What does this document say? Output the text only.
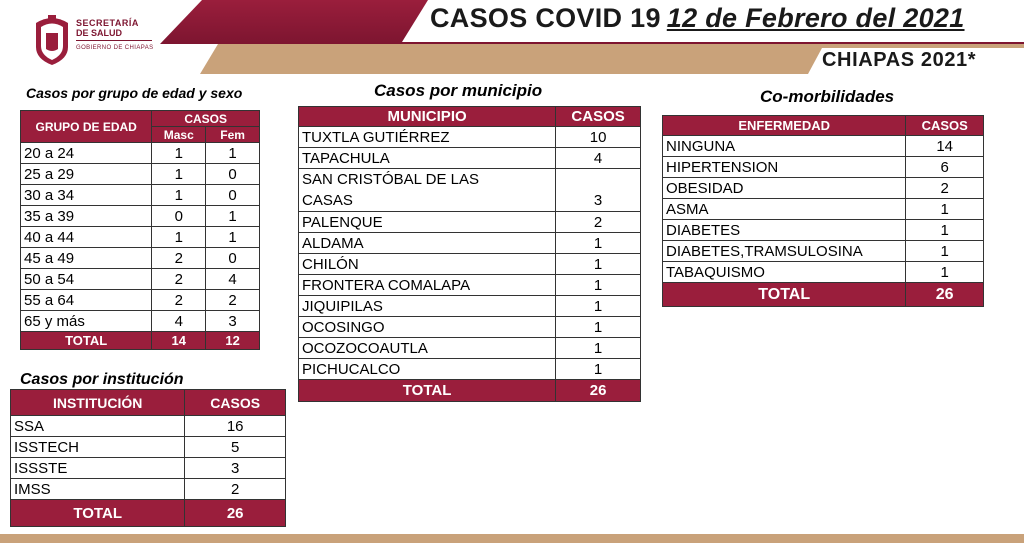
CASOS COVID 19 12 de Febrero del 2021
CHIAPAS 2021*
SECRETARÍA
DE SALUD
GOBIERNO DE CHIAPAS
Casos por grupo de edad y sexo
GRUPO DE EDAD	CASOS	
	Masc	Fem
20 a 24	1	1
25 a 29	1	0
30 a 34	1	0
35 a 39	0	1
40 a 44	1	1
45 a 49	2	0
50 a 54	2	4
55 a 64	2	2
65 y más	4	3
TOTAL	14	12
Casos por institución
INSTITUCIÓN	CASOS
SSA	16
ISSTECH	5
ISSSTE	3
IMSS	2
TOTAL	26
Casos por municipio
MUNICIPIO	CASOS
TUXTLA GUTIÉRREZ	10
TAPACHULA	4
SAN CRISTÓBAL DE LAS
CASAS	3
PALENQUE	2
ALDAMA	1
CHILÓN	1
FRONTERA COMALAPA	1
JIQUIPILAS	1
OCOSINGO	1
OCOZOCOAUTLA	1
PICHUCALCO	1
TOTAL	26
Co-morbilidades
ENFERMEDAD	CASOS
NINGUNA	14
HIPERTENSION	6
OBESIDAD	2
ASMA	1
DIABETES	1
DIABETES,TRAMSULOSINA	1
TABAQUISMO	1
TOTAL	26
